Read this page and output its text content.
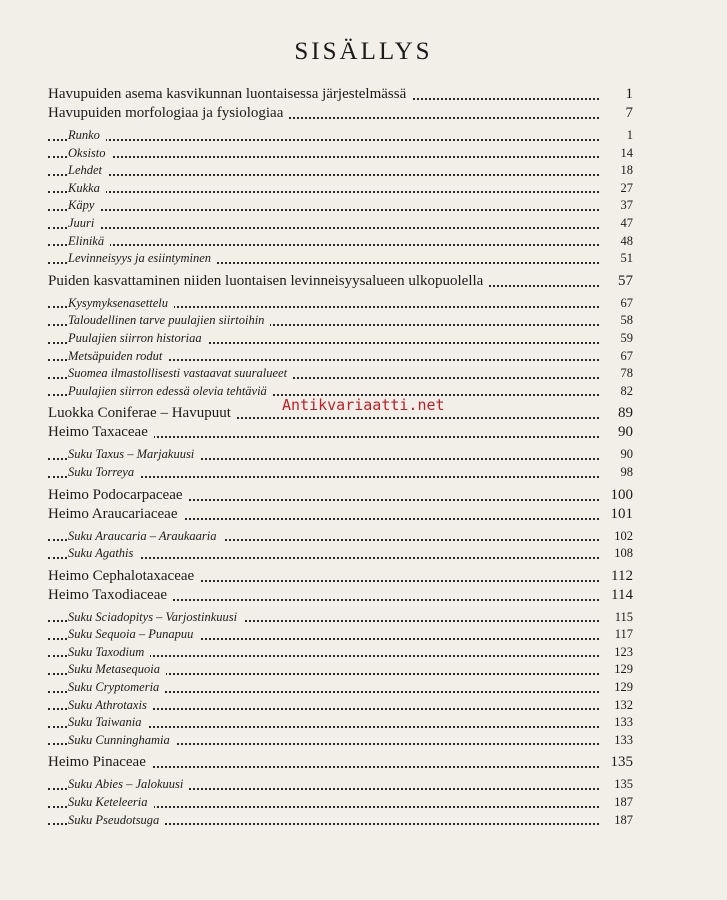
SISÄLLYS
Havupuiden asema kasvikunnan luontaisessa järjestelmässä	1
Havupuiden morfologiaa ja fysiologiaa	7
Runko	1
Oksisto	14
Lehdet	18
Kukka	27
Käpy	37
Juuri	47
Elinikä	48
Levinneisyys ja esiintyminen	51
Puiden kasvattaminen niiden luontaisen levinneisyysalueen ulkopuolella	57
Kysymyksenasettelu	67
Taloudellinen tarve puulajien siirtoihin	58
Puulajien siirron historiaa	59
Metsäpuiden rodut	67
Suomea ilmastollisesti vastaavat suuralueet	78
Puulajien siirron edessä olevia tehtäviä	82
Luokka Coniferae – Havupuut	89
Heimo Taxaceae	90
Suku Taxus – Marjakuusi	90
Suku Torreya	98
Heimo Podocarpaceae	100
Heimo Araucariaceae	101
Suku Araucaria – Araukaaria	102
Suku Agathis	108
Heimo Cephalotaxaceae	112
Heimo Taxodiaceae	114
Suku Sciadopitys – Varjostinkuusi	115
Suku Sequoia – Punapuu	117
Suku Taxodium	123
Suku Metasequoia	129
Suku Cryptomeria	129
Suku Athrotaxis	132
Suku Taiwania	133
Suku Cunninghamia	133
Heimo Pinaceae	135
Suku Abies – Jalokuusi	135
Suku Keteleeria	187
Suku Pseudotsuga	187
Antikvariaatti.net
